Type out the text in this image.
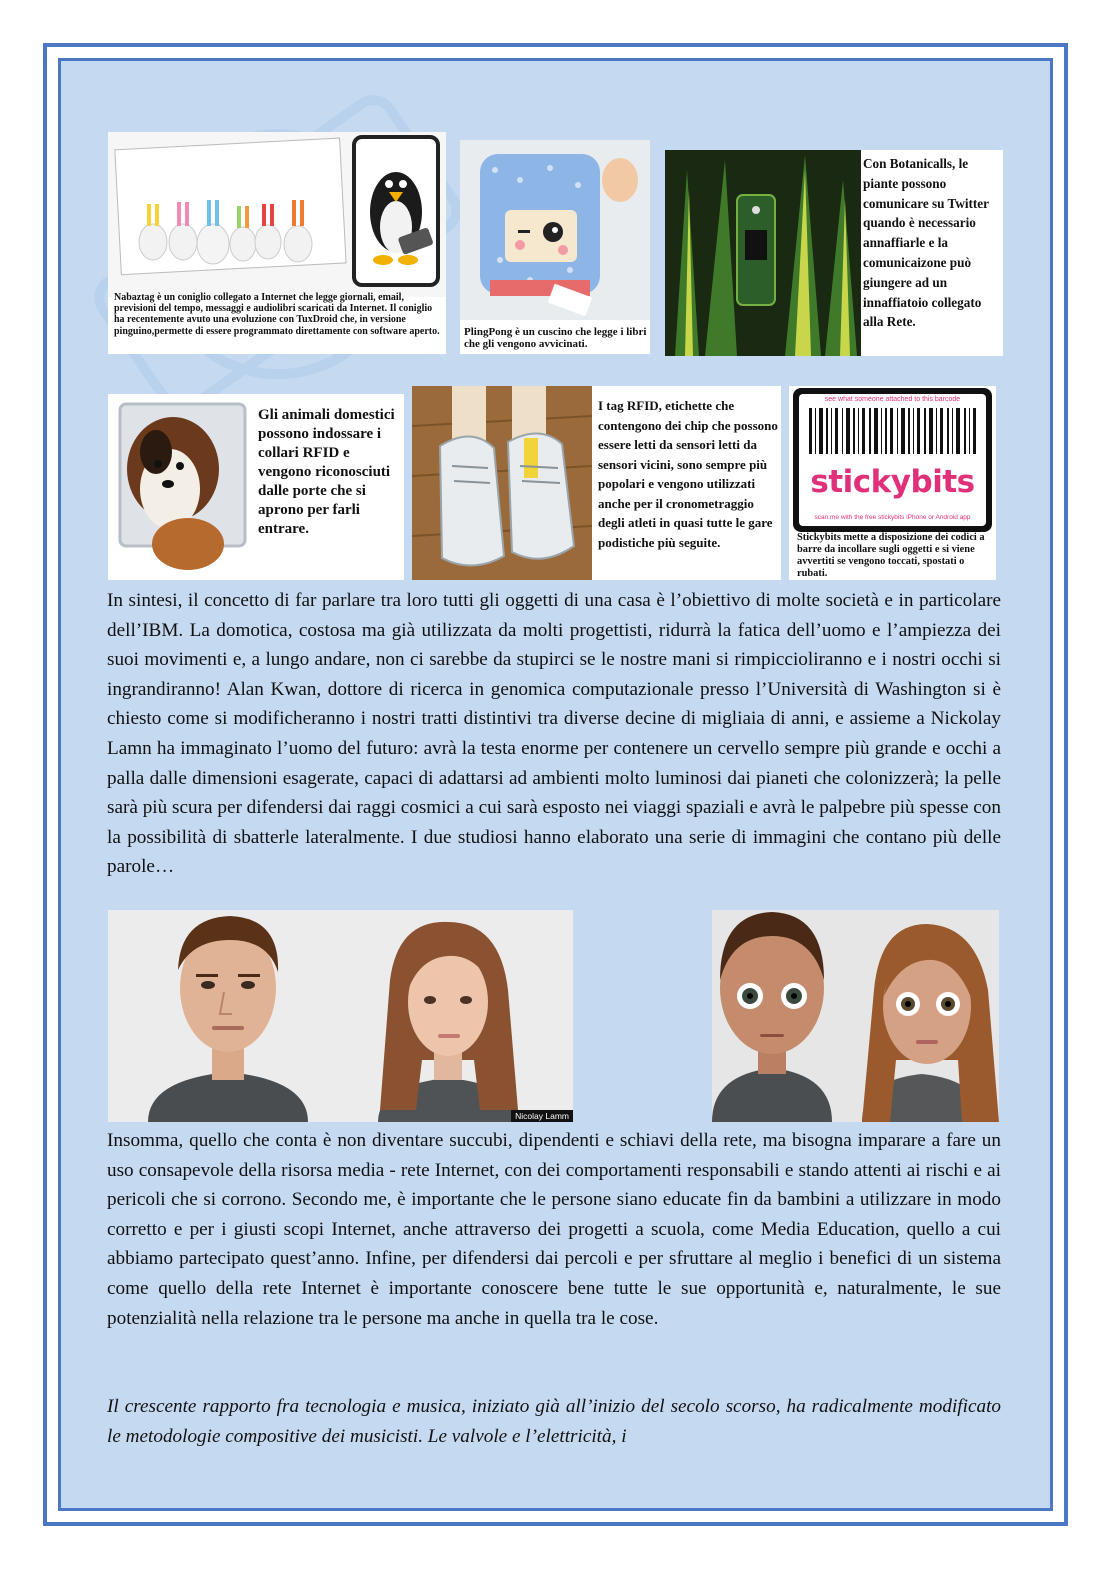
Nabaztag è un coniglio collegato a Internet che legge giornali, email, previsioni del tempo, messaggi e audiolibri scaricati da Internet. Il coniglio ha recentemente avuto una evoluzione con TuxDroid che, in versione pinguino,permette di essere programmato direttamente con software aperto.	PlingPong è un cuscino che legge i libri che gli vengono avvicinati.
Con Botanicalls, le piante possono comunicare su Twitter quando è necessario annaffiarle e la comunicaizone può giungere ad un innaffiatoio collegato alla Rete.
Gli animali domestici possono indossare i collari RFID e vengono riconosciuti dalle porte che si aprono per farli entrare.
I tag RFID, etichette che contengono dei chip che possono essere letti da sensori letti da sensori vicini, sono sempre più popolari e vengono utilizzati anche per il cronometraggio degli atleti in quasi tutte le gare podistiche più seguite.
see what someone attached to this barcode
stickybits
scan me with the free stickybits iPhone or Android app
Stickybits mette a disposizione dei codici a barre da incollare sugli oggetti e si viene avvertiti se vengono toccati, spostati o rubati.
In sintesi, il concetto di far parlare tra loro tutti gli oggetti di una casa è l’obiettivo di molte società e in particolare dell’IBM. La domotica, costosa ma già utilizzata da molti progettisti, ridurrà la fatica dell’uomo e l’ampiezza dei suoi movimenti e, a lungo andare, non ci sarebbe da stupirci se le nostre mani si rimpiccioliranno e i nostri occhi si ingrandiranno! Alan Kwan, dottore di ricerca in genomica computazionale presso l’Università di Washington si è chiesto come si modificheranno i nostri tratti distintivi tra diverse decine di migliaia di anni, e assieme a Nickolay Lamn ha immaginato l’uomo del futuro: avrà la testa enorme per contenere un cervello sempre più grande e occhi a palla dalle dimensioni esagerate, capaci di adattarsi ad ambienti molto luminosi dai pianeti che colonizzerà; la pelle sarà più scura per difendersi dai raggi cosmici a cui sarà esposto nei viaggi spaziali e avrà le palpebre più spesse con la possibilità di sbatterle lateralmente. I due studiosi hanno elaborato una serie di immagini che contano più delle parole…
Nicolay Lamm
Insomma, quello che conta è non diventare succubi, dipendenti e schiavi della rete, ma bisogna imparare a fare un uso consapevole della risorsa media - rete Internet, con dei comportamenti responsabili e stando attenti ai rischi e ai pericoli che si corrono. Secondo me, è importante che le persone siano educate fin da bambini a utilizzare in modo corretto e per i giusti scopi Internet, anche attraverso dei progetti a scuola, come Media Education, quello a cui abbiamo partecipato quest’anno. Infine, per difendersi dai percoli e per sfruttare al meglio i benefici di un sistema come quello della rete Internet è importante conoscere bene tutte le sue opportunità e, naturalmente, le sue potenzialità nella relazione tra le persone ma anche in quella tra le cose.
Il crescente rapporto fra tecnologia e musica, iniziato già all’inizio del secolo scorso, ha radicalmente modificato le metodologie compositive dei musicisti. Le valvole e l’elettricità, i
